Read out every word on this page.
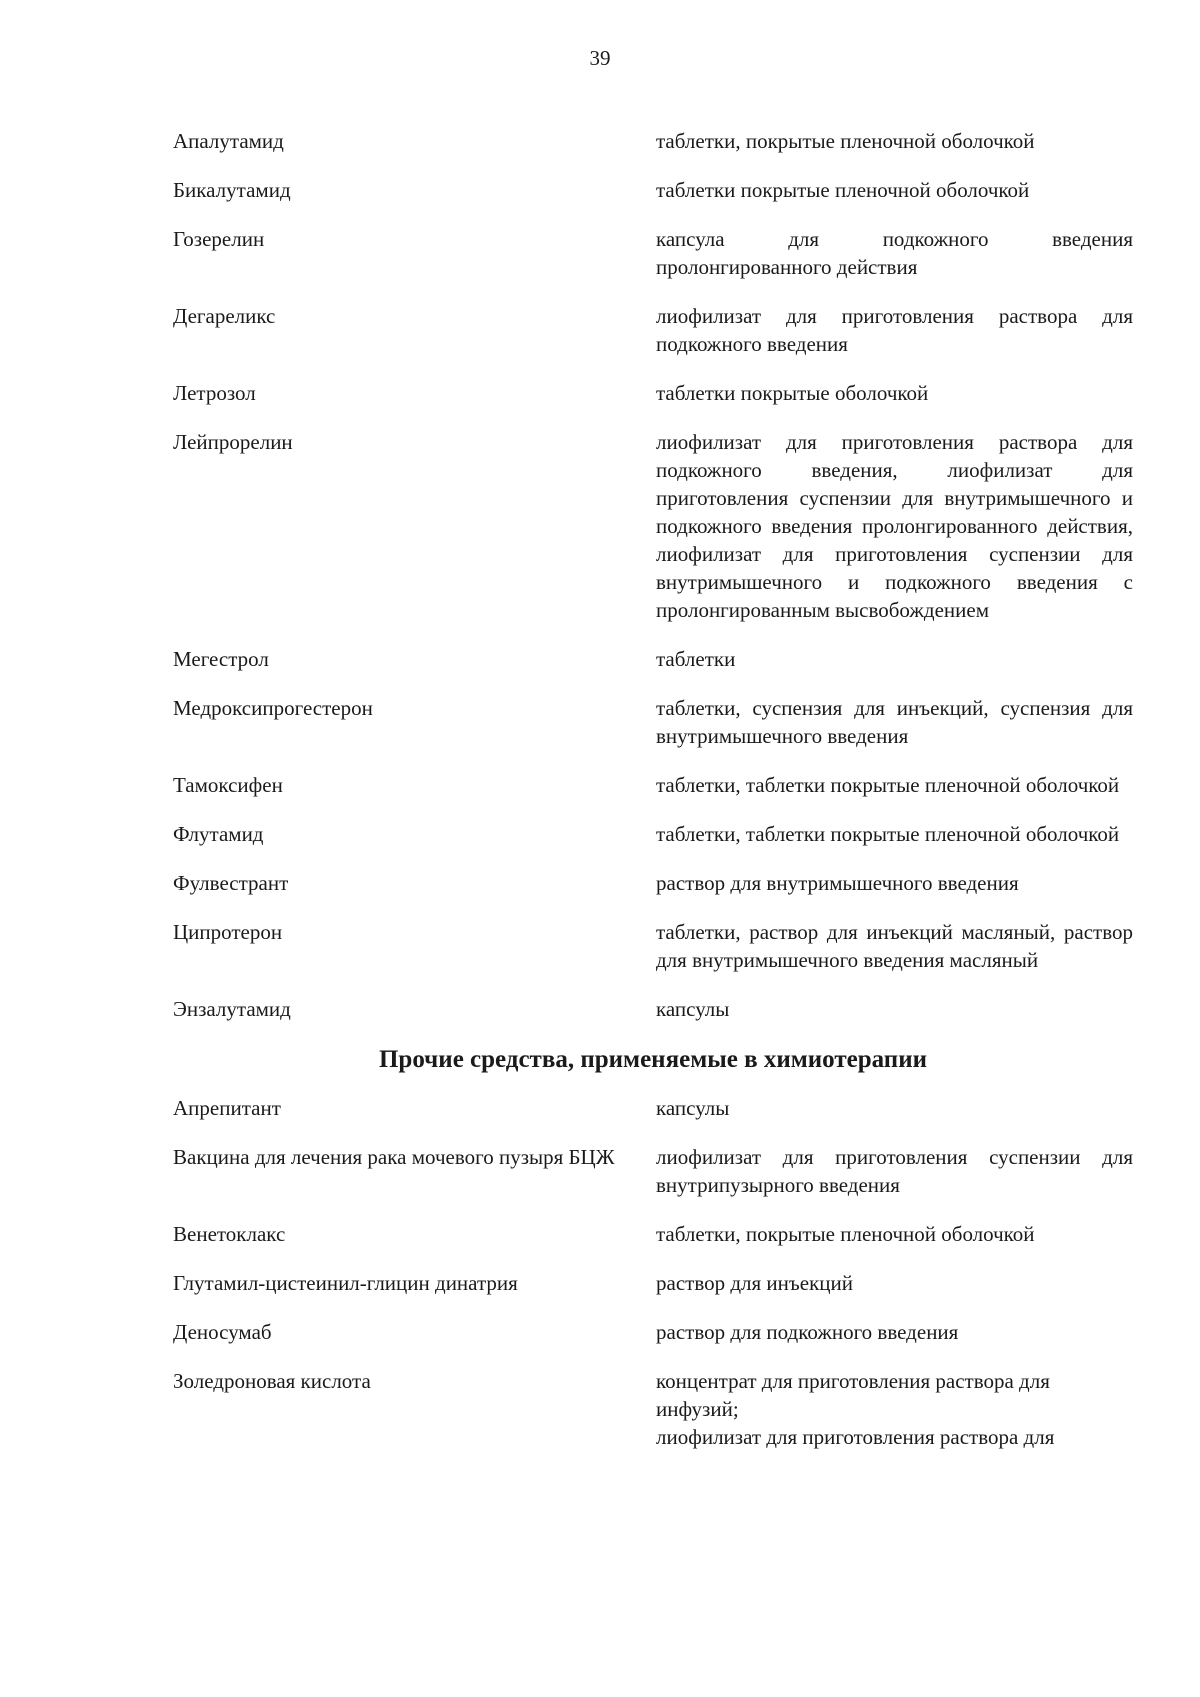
39
Апалутамид	таблетки, покрытые пленочной оболочкой
Бикалутамид	таблетки покрытые пленочной оболочкой
Гозерелин	капсула для подкожного введения пролонгированного действия
Дегареликс	лиофилизат для приготовления раствора для подкожного введения
Летрозол	таблетки покрытые оболочкой
Лейпрорелин	лиофилизат для приготовления раствора для подкожного введения, лиофилизат для приготовления суспензии для внутримышечного и подкожного введения пролонгированного действия, лиофилизат для приготовления суспензии для внутримышечного и подкожного введения с пролонгированным высвобождением
Мегестрол	таблетки
Медроксипрогестерон	таблетки, суспензия для инъекций, суспензия для внутримышечного введения
Тамоксифен	таблетки, таблетки покрытые пленочной оболочкой
Флутамид	таблетки, таблетки покрытые пленочной оболочкой
Фулвестрант	раствор для внутримышечного введения
Ципротерон	таблетки, раствор для инъекций масляный, раствор для внутримышечного введения масляный
Энзалутамид	капсулы
Прочие средства, применяемые в химиотерапии
Апрепитант	капсулы
Вакцина для лечения рака мочевого пузыря БЦЖ	лиофилизат для приготовления суспензии для внутрипузырного введения
Венетоклакс	таблетки, покрытые пленочной оболочкой
Глутамил-цистеинил-глицин динатрия	раствор для инъекций
Деносумаб	раствор для подкожного введения
Золедроновая кислота	концентрат для приготовления раствора для инфузий;
лиофилизат для приготовления раствора для
